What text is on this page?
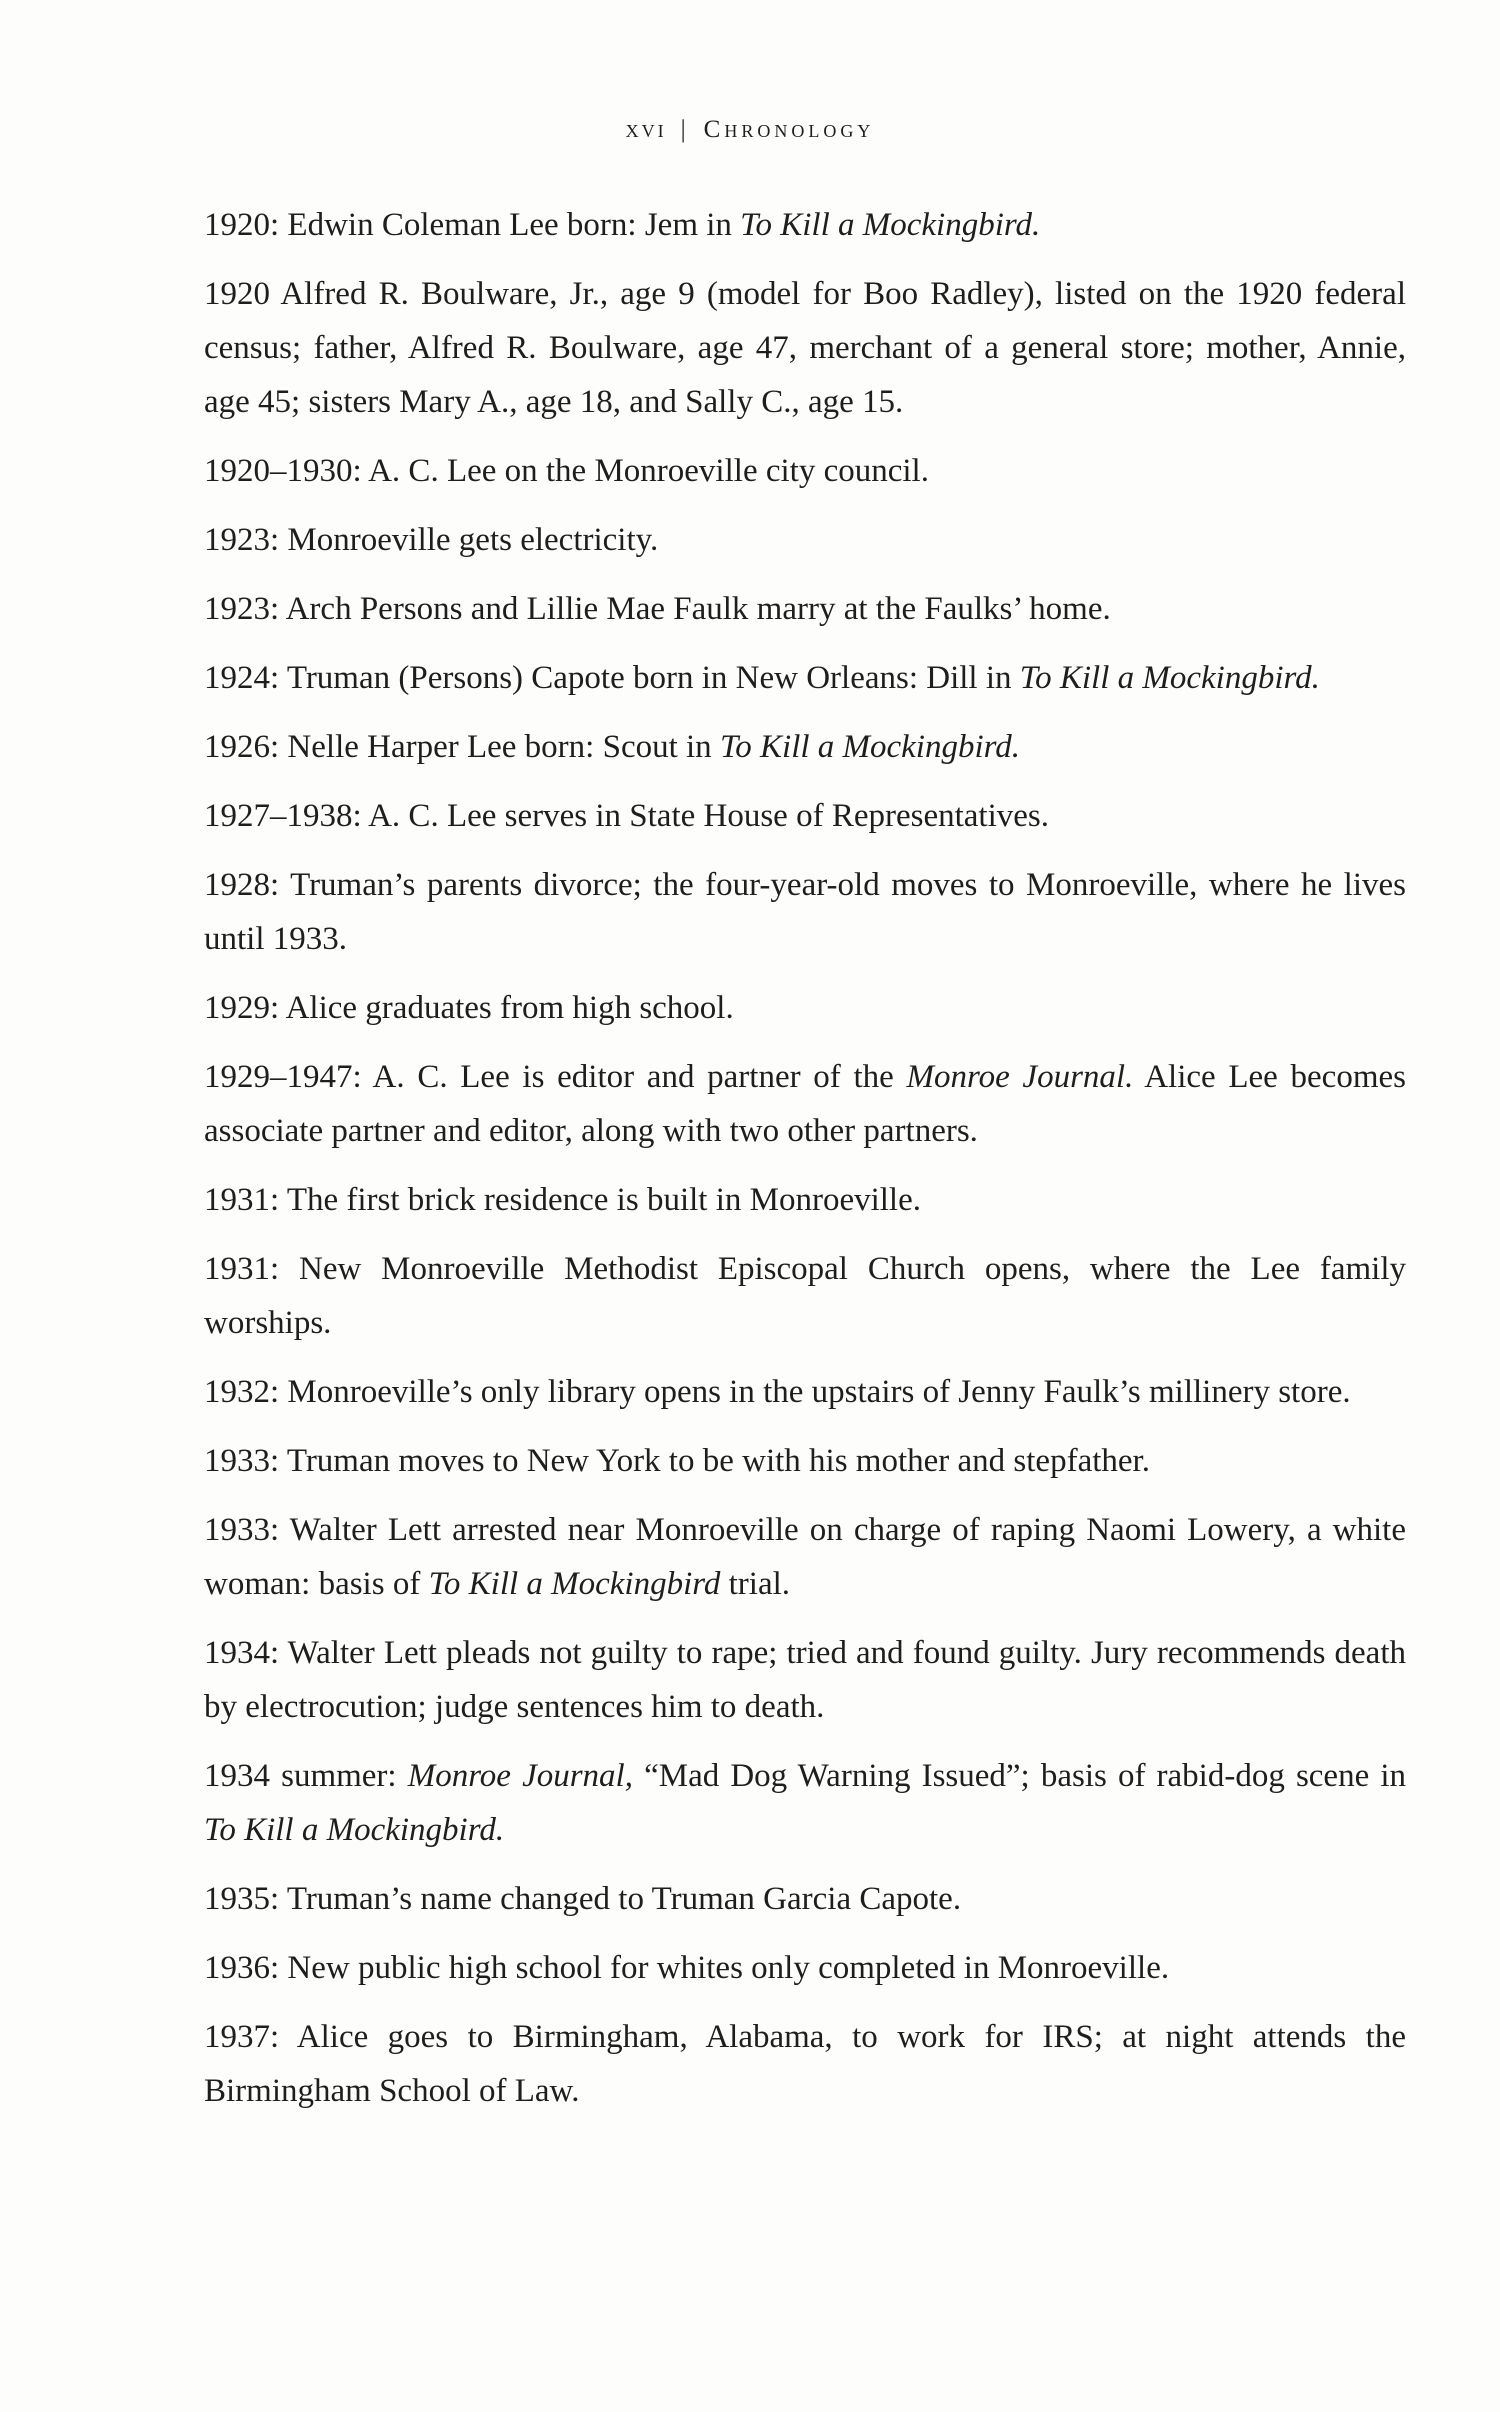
xvi | Chronology
1920: Edwin Coleman Lee born: Jem in To Kill a Mockingbird.
1920 Alfred R. Boulware, Jr., age 9 (model for Boo Radley), listed on the 1920 federal census; father, Alfred R. Boulware, age 47, merchant of a general store; mother, Annie, age 45; sisters Mary A., age 18, and Sally C., age 15.
1920–1930: A. C. Lee on the Monroeville city council.
1923: Monroeville gets electricity.
1923: Arch Persons and Lillie Mae Faulk marry at the Faulks’ home.
1924: Truman (Persons) Capote born in New Orleans: Dill in To Kill a Mockingbird.
1926: Nelle Harper Lee born: Scout in To Kill a Mockingbird.
1927–1938: A. C. Lee serves in State House of Representatives.
1928: Truman’s parents divorce; the four-year-old moves to Monroeville, where he lives until 1933.
1929: Alice graduates from high school.
1929–1947: A. C. Lee is editor and partner of the Monroe Journal. Alice Lee becomes associate partner and editor, along with two other partners.
1931: The first brick residence is built in Monroeville.
1931: New Monroeville Methodist Episcopal Church opens, where the Lee family worships.
1932: Monroeville’s only library opens in the upstairs of Jenny Faulk’s millinery store.
1933: Truman moves to New York to be with his mother and stepfather.
1933: Walter Lett arrested near Monroeville on charge of raping Naomi Lowery, a white woman: basis of To Kill a Mockingbird trial.
1934: Walter Lett pleads not guilty to rape; tried and found guilty. Jury recommends death by electrocution; judge sentences him to death.
1934 summer: Monroe Journal, “Mad Dog Warning Issued”; basis of rabid-dog scene in To Kill a Mockingbird.
1935: Truman’s name changed to Truman Garcia Capote.
1936: New public high school for whites only completed in Monroeville.
1937: Alice goes to Birmingham, Alabama, to work for IRS; at night attends the Birmingham School of Law.
